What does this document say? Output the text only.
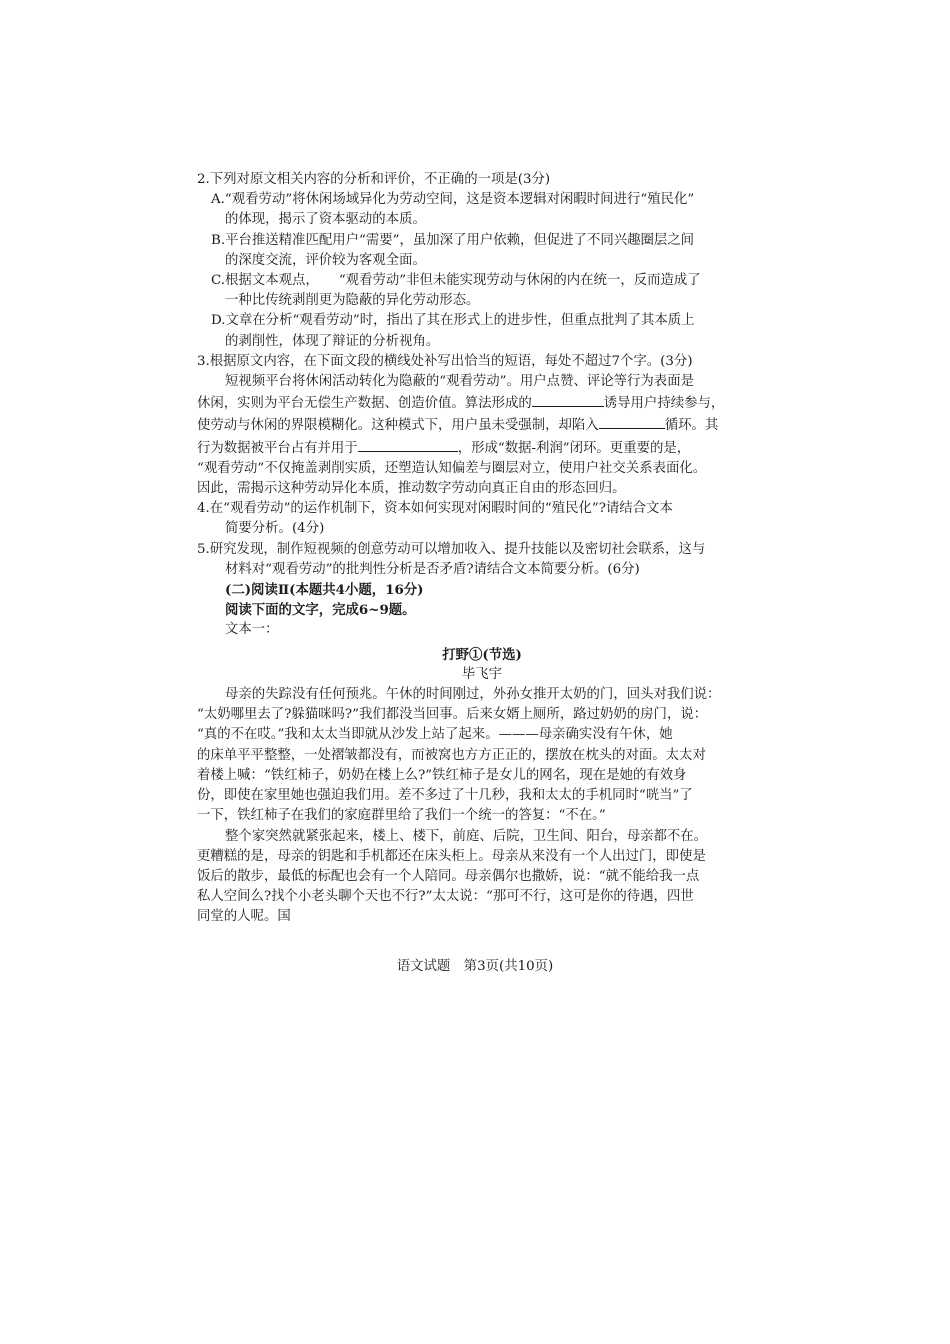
2.下列对原文相关内容的分析和评价，不正确的一项是(3分)
A.“观看劳动”将休闲场域异化为劳动空间，这是资本逻辑对闲暇时间进行“殖民化”
的体现，揭示了资本驱动的本质。
B.平台推送精准匹配用户“需要”，虽加深了用户依赖，但促进了不同兴趣圈层之间
的深度交流，评价较为客观全面。
C.根据文本观点，　　“观看劳动”非但未能实现劳动与休闲的内在统一，反而造成了
一种比传统剥削更为隐蔽的异化劳动形态。
D.文章在分析“观看劳动”时，指出了其在形式上的进步性，但重点批判了其本质上
的剥削性，体现了辩证的分析视角。
3.根据原文内容，在下面文段的横线处补写出恰当的短语，每处不超过7个字。(3分)
短视频平台将休闲活动转化为隐蔽的“观看劳动”。用户点赞、评论等行为表面是
休闲，实则为平台无偿生产数据、创造价值。算法形成的	诱导用户持续参与，
使劳动与休闲的界限模糊化。这种模式下，用户虽未受强制，却陷入	循环。其
行为数据被平台占有并用于	，形成“数据-利润”闭环。更重要的是，
“观看劳动”不仅掩盖剥削实质，还塑造认知偏差与圈层对立，使用户社交关系表面化。
因此，需揭示这种劳动异化本质，推动数字劳动向真正自由的形态回归。
4.在“观看劳动”的运作机制下，资本如何实现对闲暇时间的“殖民化”?请结合文本
简要分析。(4分)
5.研究发现，制作短视频的创意劳动可以增加收入、提升技能以及密切社会联系，这与
材料对“观看劳动”的批判性分析是否矛盾?请结合文本简要分析。(6分)
(二)阅读Ⅱ(本题共4小题，16分)
阅读下面的文字，完成6~9题。
文本一：
打野①(节选)
毕飞宇
母亲的失踪没有任何预兆。午休的时间刚过，外孙女推开太奶的门，回头对我们说：
“太奶哪里去了?躲猫咪吗?”我们都没当回事。后来女婿上厕所，路过奶奶的房门，说：
“真的不在哎。”我和太太当即就从沙发上站了起来。———母亲确实没有午休，她
的床单平平整整，一处褶皱都没有，而被窝也方方正正的，摆放在枕头的对面。太太对
着楼上喊：“铁红柿子，奶奶在楼上么?”铁红柿子是女儿的网名，现在是她的有效身
份，即使在家里她也强迫我们用。差不多过了十几秒，我和太太的手机同时“咣当”了
一下，铁红柿子在我们的家庭群里给了我们一个统一的答复：“不在。”
整个家突然就紧张起来，楼上、楼下，前庭、后院，卫生间、阳台，母亲都不在。
更糟糕的是，母亲的钥匙和手机都还在床头柜上。母亲从来没有一个人出过门，即使是
饭后的散步，最低的标配也会有一个人陪同。母亲偶尔也撒娇，说：“就不能给我一点
私人空间么?找个小老头聊个天也不行?”太太说：“那可不行，这可是你的待遇，四世
同堂的人呢。国
语文试题　第3页(共10页)
